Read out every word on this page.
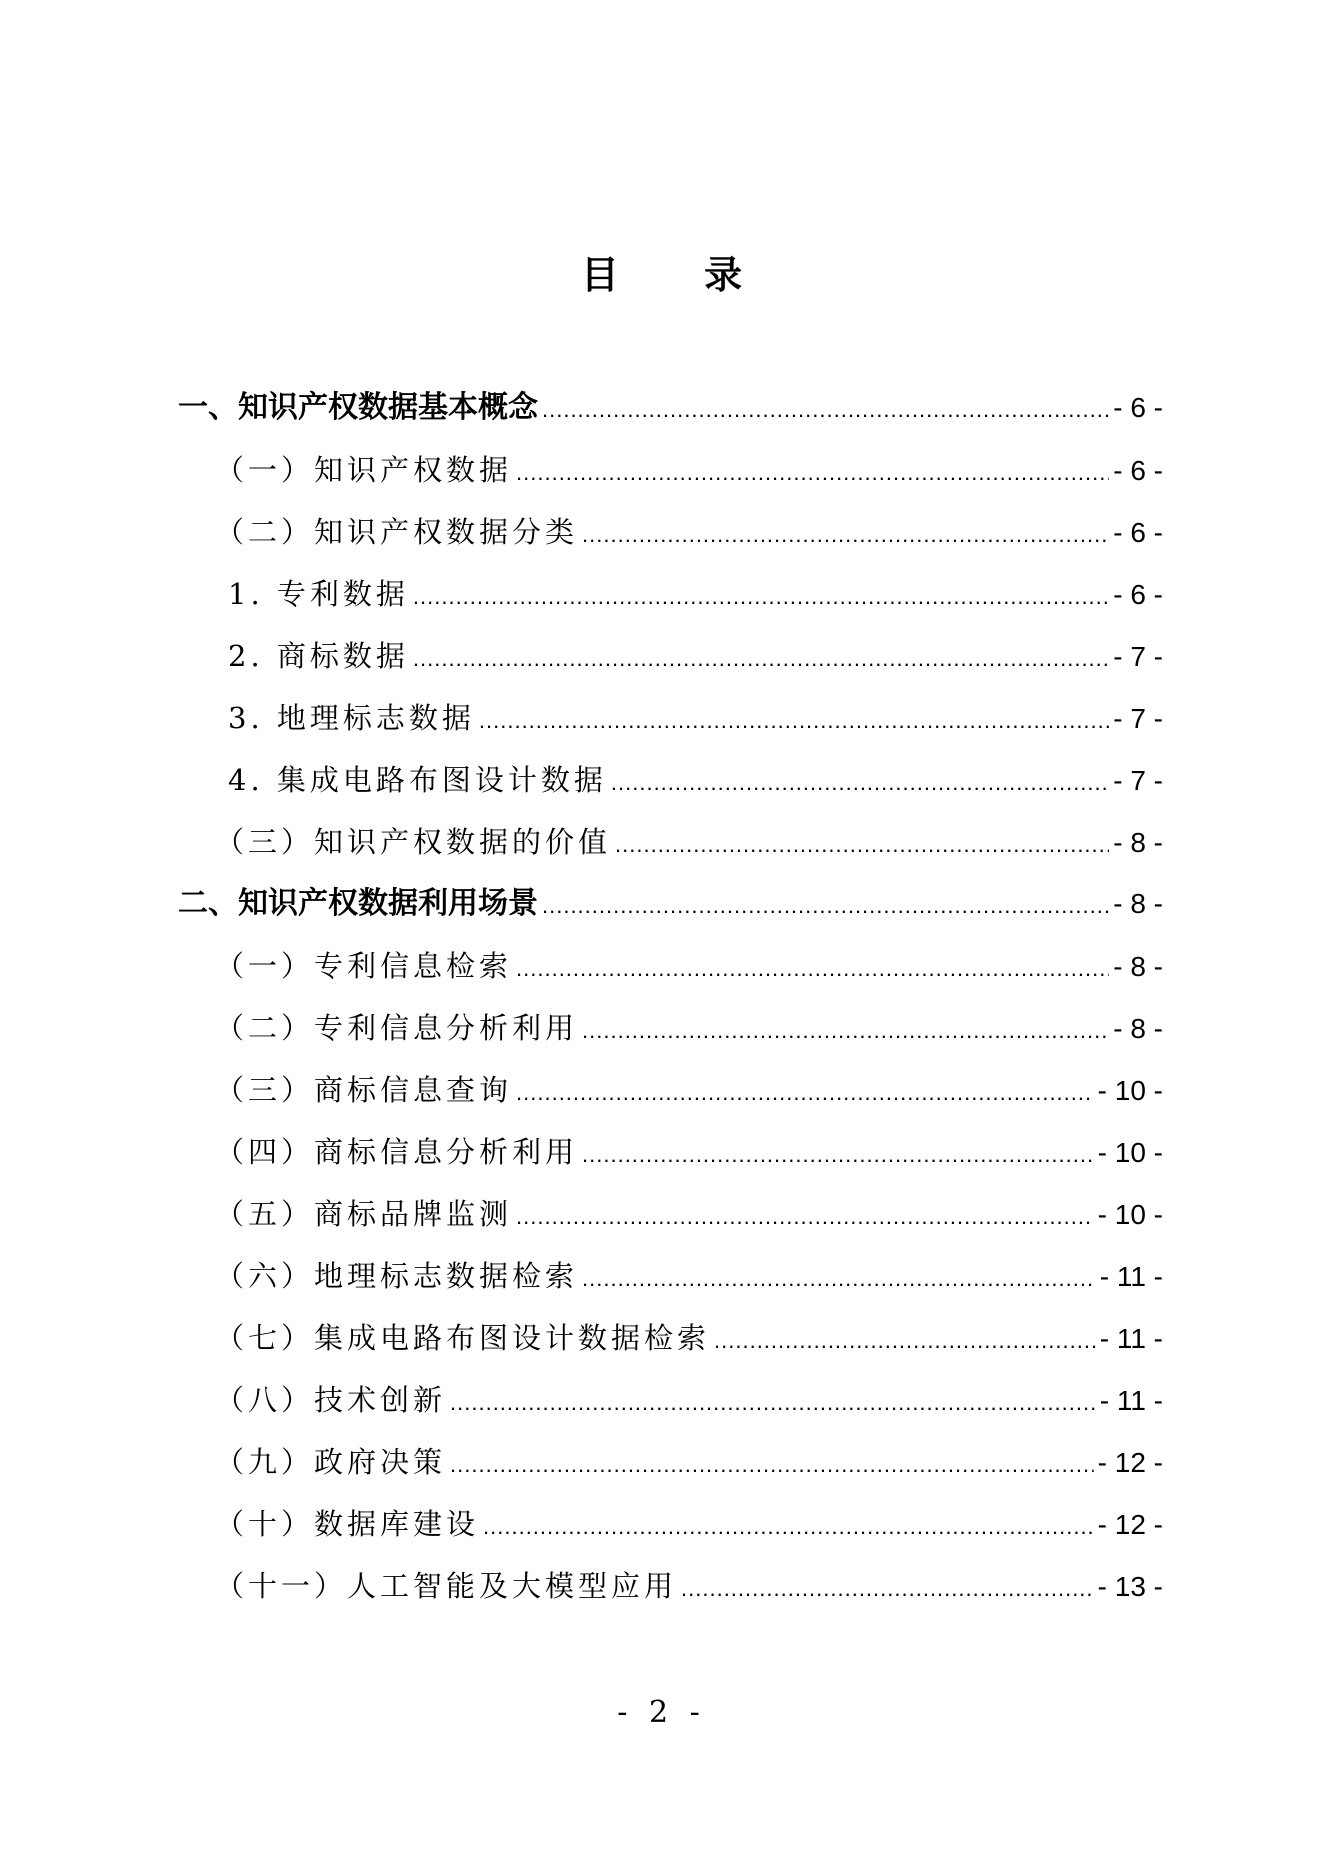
目 录
一、知识产权数据基本概念 .....	- 6 -
（一）知识产权数据 .....	- 6 -
（二）知识产权数据分类 .....	- 6 -
1. 专利数据 .....	- 6 -
2. 商标数据 .....	- 7 -
3. 地理标志数据 .....	- 7 -
4. 集成电路布图设计数据 .....	- 7 -
（三）知识产权数据的价值 .....	- 8 -
二、知识产权数据利用场景 .....	- 8 -
（一）专利信息检索 .....	- 8 -
（二）专利信息分析利用 .....	- 8 -
（三）商标信息查询 .....	- 10 -
（四）商标信息分析利用 .....	- 10 -
（五）商标品牌监测 .....	- 10 -
（六）地理标志数据检索 .....	- 11 -
（七）集成电路布图设计数据检索 .....	- 11 -
（八）技术创新 .....	- 11 -
（九）政府决策 .....	- 12 -
（十）数据库建设 .....	- 12 -
（十一）人工智能及大模型应用 .....	- 13 -
- 2 -
